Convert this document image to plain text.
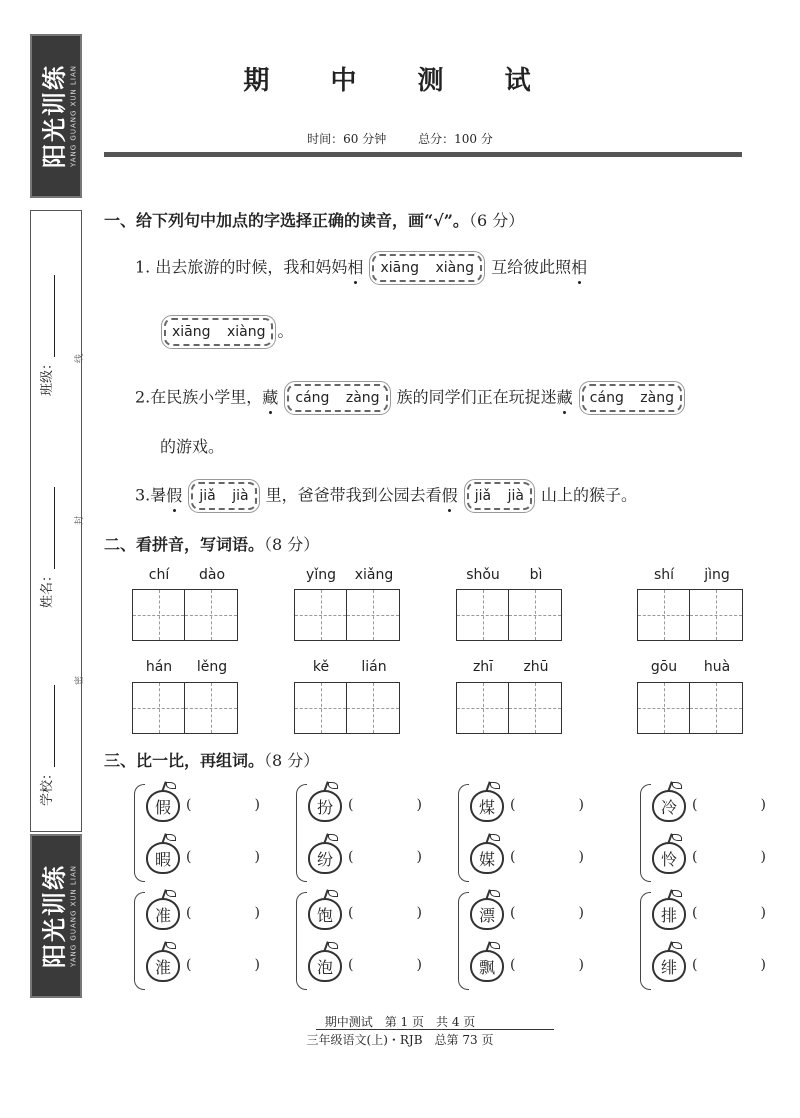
阳光训练 YANG GUANG XUN LIAN
班级：
姓名：
学校：
线
封
密
阳光训练 YANG GUANG XUN LIAN
期 中 测 试
时间：60 分钟	总分：100 分
一、给下列句中加点的字选择正确的读音，画“√”。（6 分）
1. 出去旅游的时候，我和妈妈相 xiāng xiàng 互给彼此照相
xiāng xiàng 。
2.在民族小学里，藏 cáng zàng 族的同学们正在玩捉迷藏 cáng zàng
的游戏。
3.暑假 jiǎ jià 里，爸爸带我到公园去看假 jiǎ jià 山上的猴子。
二、看拼音，写词语。（8 分）
chí	dào	yǐng	xiǎng	shǒu	bì	shí	jìng
hán	lěng	kě	lián	zhī	zhū	gōu	huà
三、比一比，再组词。（8 分）
假	(	)
暇	(	)
扮	(	)
纷	(	)
煤	(	)
媒	(	)
冷	(	)
怜	(	)
准	(	)
淮	(	)
饱	(	)
泡	(	)
漂	(	)
飘	(	)
排	(	)
绯	(	)
期中测试　第 1 页　共 4 页
三年级语文(上)・RJB　总第 73 页
